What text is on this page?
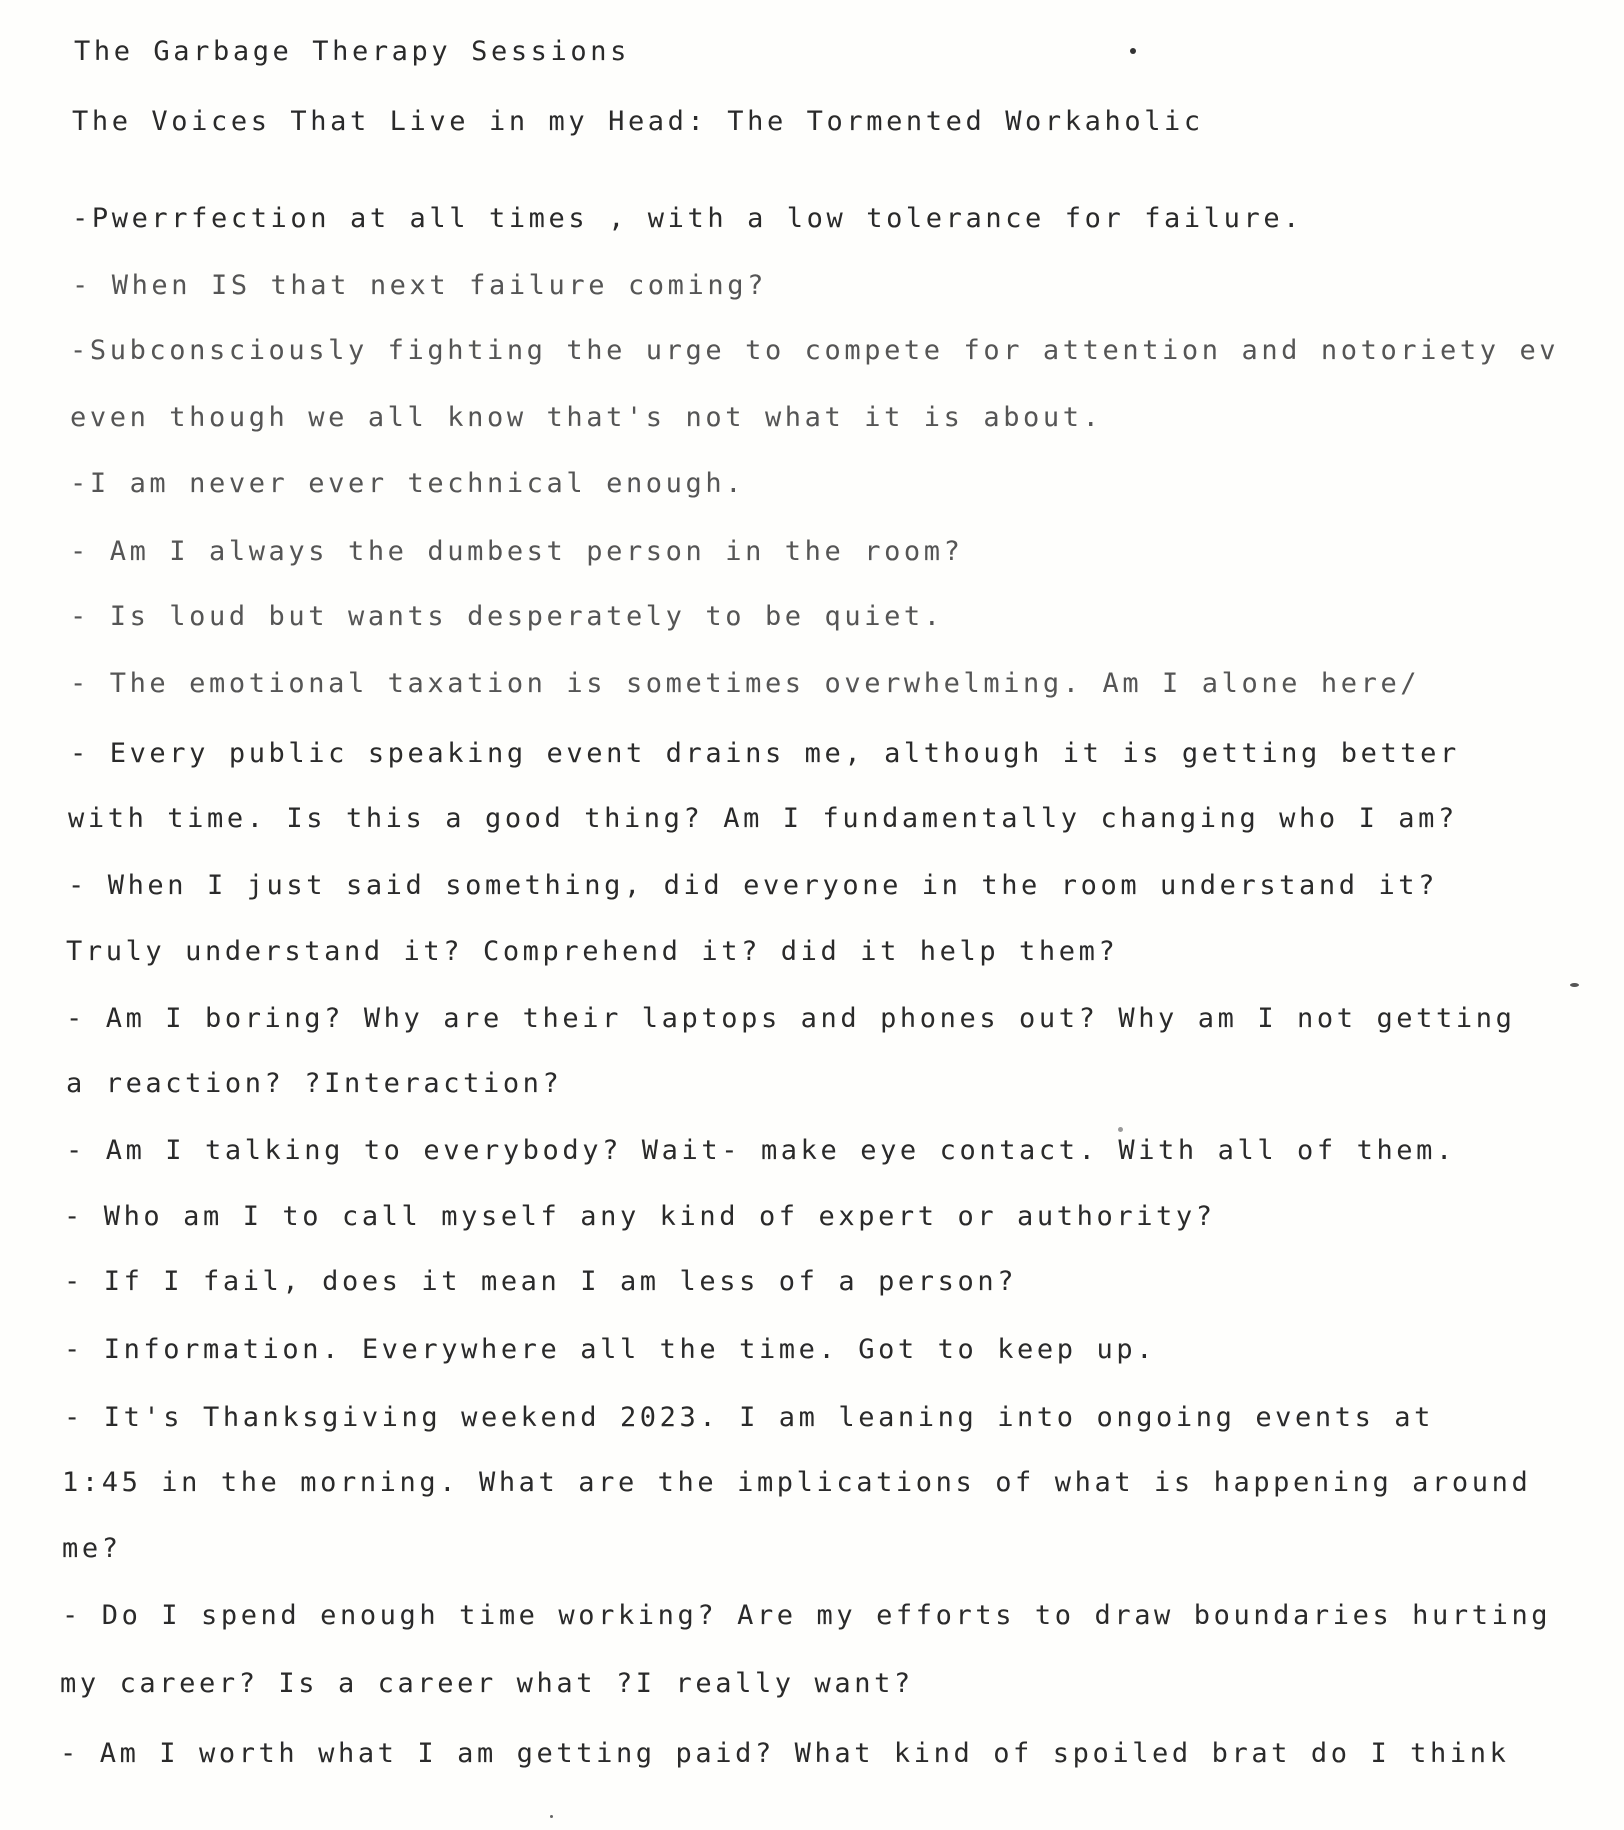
The Garbage Therapy Sessions
The Voices That Live in my Head: The Tormented Workaholic
-Pwerrfection at all times , with a low tolerance for failure.
- When IS that next failure coming?
-Subconsciously fighting the urge to compete for attention and notoriety ev
even though we all know that's not what it is about.
-I am never ever technical enough.
- Am I always the dumbest person in the room?
- Is loud but wants desperately to be quiet.
- The emotional taxation is sometimes overwhelming. Am I alone here/
- Every public speaking event drains me, although it is getting better
with time. Is this a good thing? Am I fundamentally changing who I am?
- When I just said something, did everyone in the room understand it?
Truly understand it? Comprehend it? did it help them?
- Am I boring? Why are their laptops and phones out? Why am I not getting
a reaction? ?Interaction?
- Am I talking to everybody? Wait- make eye contact. With all of them.
- Who am I to call myself any kind of expert or authority?
- If I fail, does it mean I am less of a person?
- Information. Everywhere all the time. Got to keep up.
- It's Thanksgiving weekend 2023. I am leaning into ongoing events at
1:45 in the morning. What are the implications of what is happening around
me?
- Do I spend enough time working? Are my efforts to draw boundaries hurting
my career? Is a career what ?I really want?
- Am I worth what I am getting paid? What kind of spoiled brat do I think
